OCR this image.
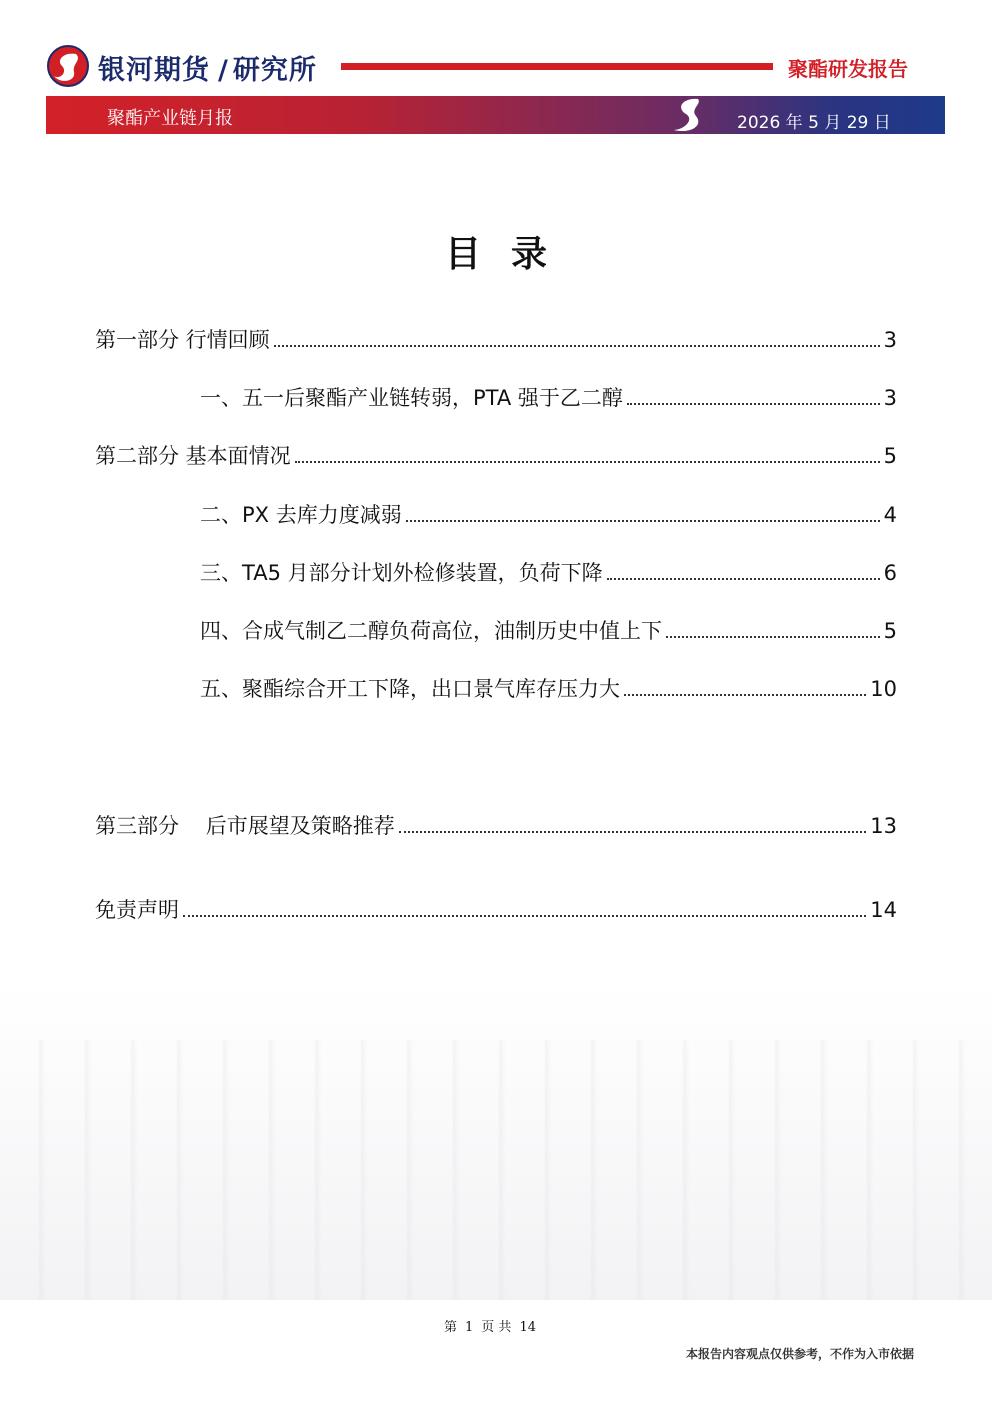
银河期货 / 研究所	聚酯研发报告
聚酯产业链月报	2026 年 5 月 29 日
目录
第一部分 行情回顾	3
一、五一后聚酯产业链转弱，PTA 强于乙二醇	3
第二部分 基本面情况	5
二、PX 去库力度减弱	4
三、TA5 月部分计划外检修装置，负荷下降	6
四、合成气制乙二醇负荷高位，油制历史中值上下	5
五、聚酯综合开工下降，出口景气库存压力大	10
第三部分    后市展望及策略推荐	13
免责声明	14
第 1 页 共 14
本报告内容观点仅供参考，不作为入市依据
